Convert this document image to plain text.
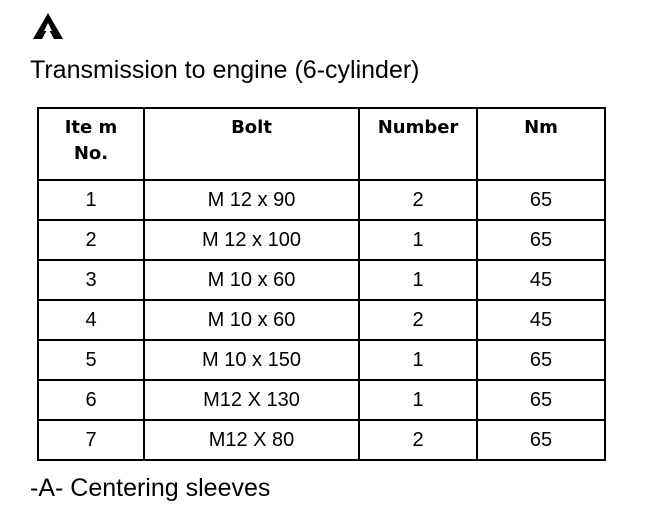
Transmission to engine (6-cylinder)
Ite m
No.	Bolt	Number	Nm

1	M 12 x 90	2	65
2	M 12 x 100	1	65
3	M 10 x 60	1	45
4	M 10 x 60	2	45
5	M 10 x 150	1	65
6	M12 X 130	1	65
7	M12 X 80	2	65
-A- Centering sleeves
